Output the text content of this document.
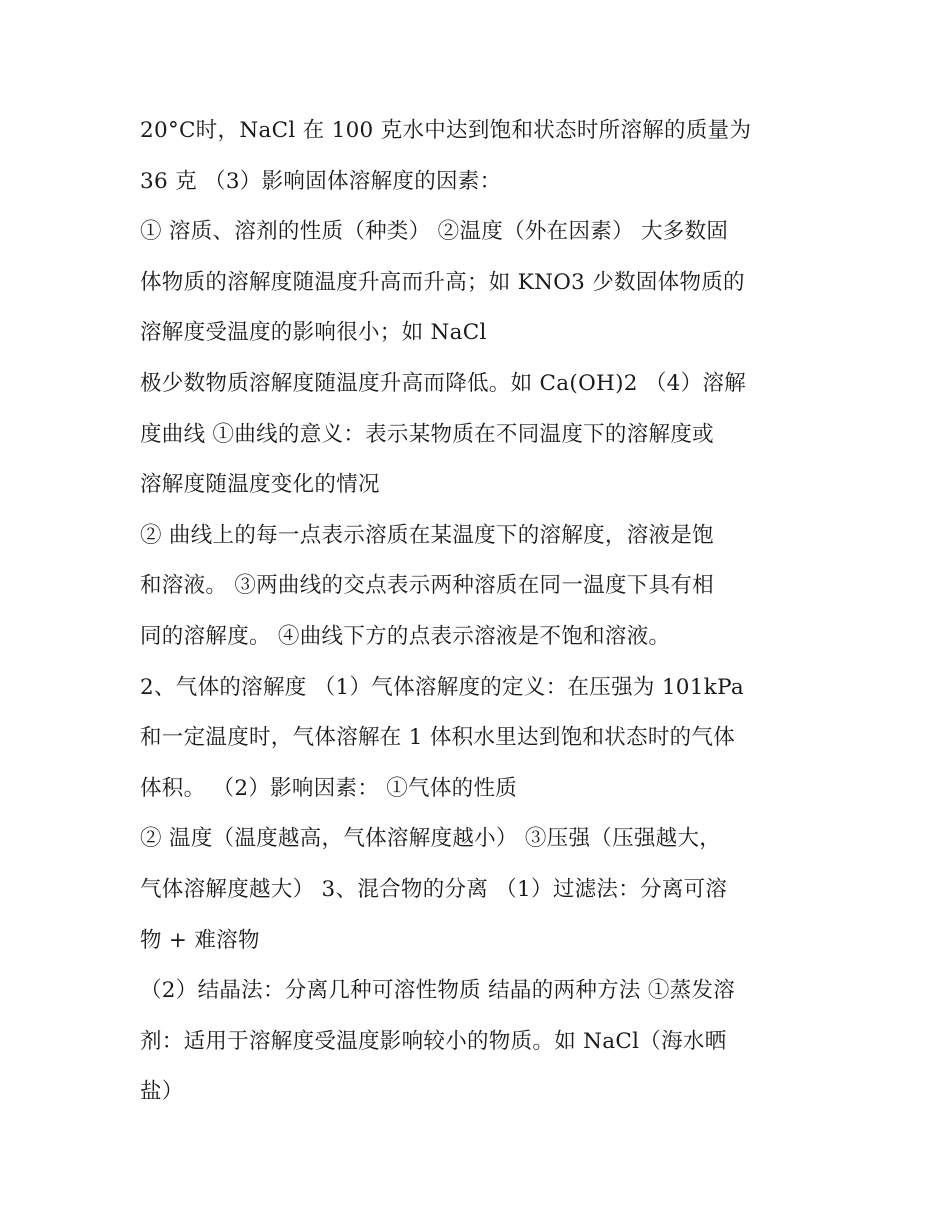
20°C时，NaCl 在 100 克水中达到饱和状态时所溶解的质量为
36 克 （3）影响固体溶解度的因素：
① 溶质、溶剂的性质（种类） ②温度（外在因素） 大多数固
体物质的溶解度随温度升高而升高；如 KNO3 少数固体物质的
溶解度受温度的影响很小；如 NaCl
极少数物质溶解度随温度升高而降低。如 Ca(OH)2 （4）溶解
度曲线 ①曲线的意义：表示某物质在不同温度下的溶解度或
溶解度随温度变化的情况
② 曲线上的每一点表示溶质在某温度下的溶解度，溶液是饱
和溶液。 ③两曲线的交点表示两种溶质在同一温度下具有相
同的溶解度。 ④曲线下方的点表示溶液是不饱和溶液。
2、气体的溶解度 （1）气体溶解度的定义：在压强为 101kPa
和一定温度时，气体溶解在 1 体积水里达到饱和状态时的气体
体积。 （2）影响因素： ①气体的性质
② 温度（温度越高，气体溶解度越小） ③压强（压强越大，
气体溶解度越大） 3、混合物的分离 （1）过滤法：分离可溶
物 + 难溶物
（2）结晶法：分离几种可溶性物质 结晶的两种方法 ①蒸发溶
剂：适用于溶解度受温度影响较小的物质。如 NaCl（海水晒
盐）
